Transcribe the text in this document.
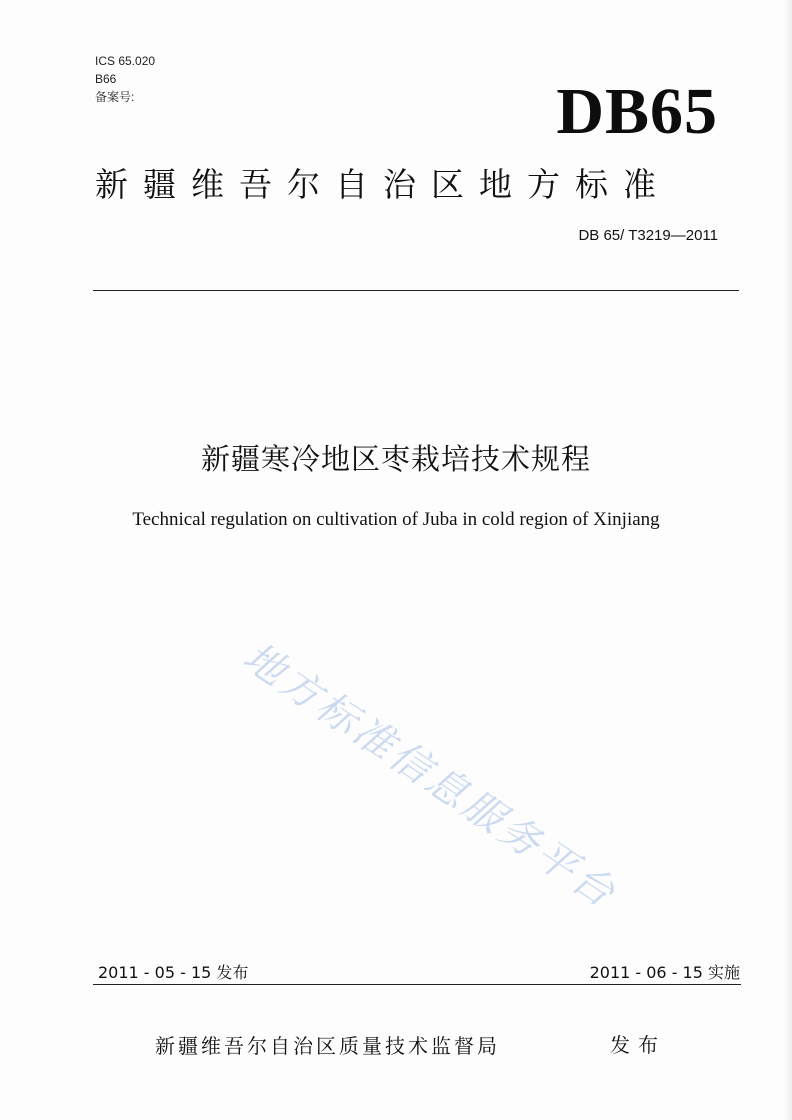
ICS 65.020
B66
备案号:	DB65
新疆维吾尔自治区地方标准
DB 65/ T3219—2011
新疆寒冷地区枣栽培技术规程
Technical regulation on cultivation of Juba in cold region of Xinjiang
地方标准信息服务平台
2011 - 05 - 15 发布	2011 - 06 - 15 实施
新疆维吾尔自治区质量技术监督局	发布
